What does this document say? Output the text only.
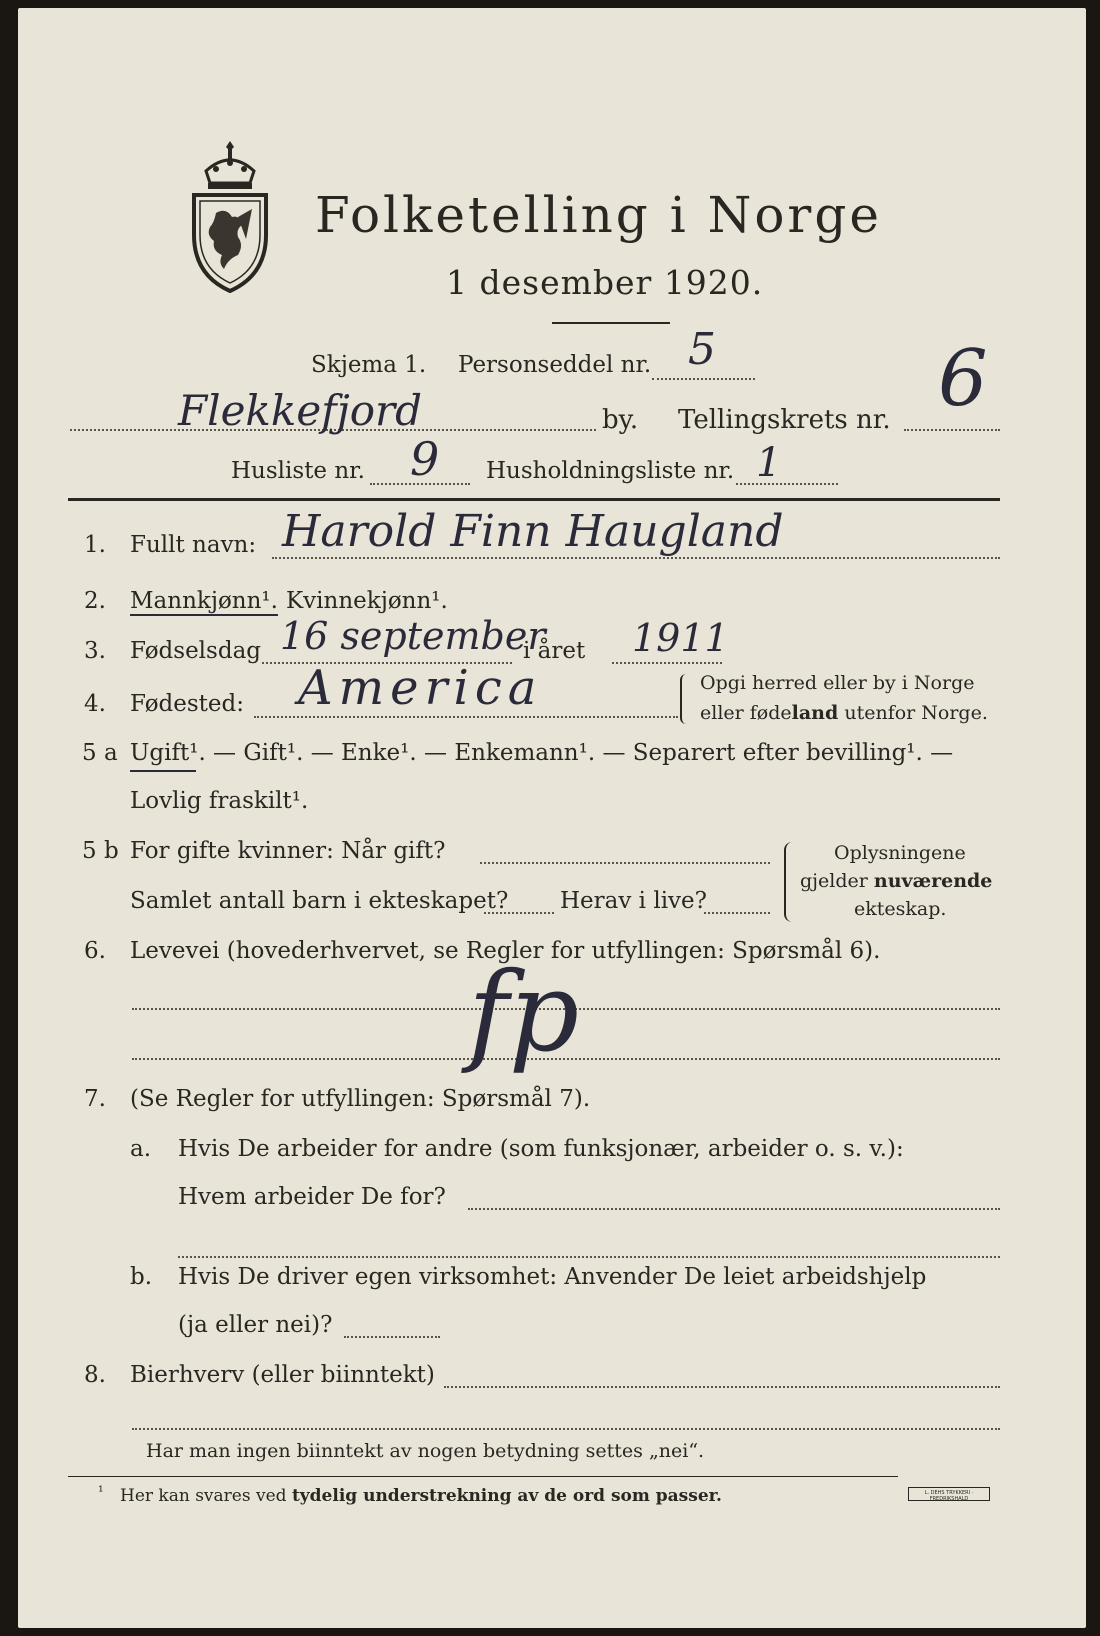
Folketelling i Norge
1 desember 1920.
Skjema 1. Personseddel nr. 5
Flekkefjord	by. Tellingskrets nr. 6
Husliste nr. 9 Husholdningsliste nr. 1
1. Fullt navn: Harold Finn Haugland
2. Mannkjønn¹. Kvinnekjønn¹.
3. Fødselsdag 16 september
i året 1911
4. Fødested: America	Opgi herred eller by i Norge
eller fødeland utenfor Norge.
5 a Ugift¹. — Gift¹. — Enke¹. — Enkemann¹. — Separert efter bevilling¹. —
Lovlig fraskilt¹.
5 b For gifte kvinner: Når gift?
Samlet antall barn i ekteskapet? Herav i live?
Oplysningene
gjelder nuværende
ekteskap.
6. Levevei (hovederhvervet, se Regler for utfyllingen: Spørsmål 6).
fp
7. (Se Regler for utfyllingen: Spørsmål 7).
a. Hvis De arbeider for andre (som funksjonær, arbeider o. s. v.):
Hvem arbeider De for?
b. Hvis De driver egen virksomhet: Anvender De leiet arbeidshjelp
(ja eller nei)?
8. Bierhverv (eller biinntekt)
Har man ingen biinntekt av nogen betydning settes „nei“.
¹ Her kan svares ved tydelig understrekning av de ord som passer.	L. DEHS TRYKKERI · FREDRIKSHALD
